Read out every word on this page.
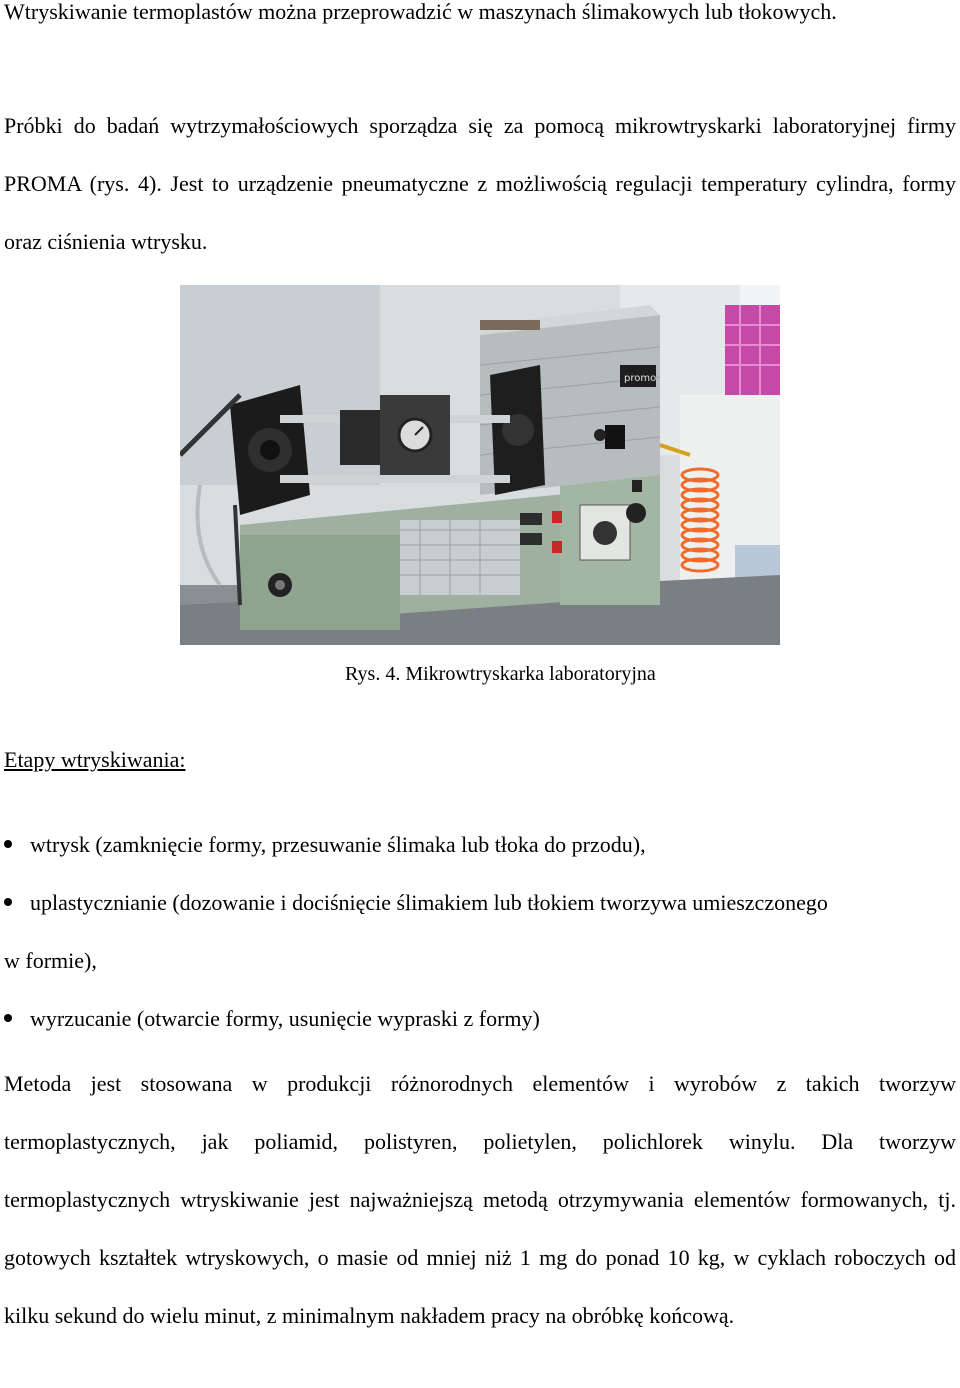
Wtryskiwanie termoplastów można przeprowadzić w maszynach ślimakowych lub tłokowych.

Próbki do badań wytrzymałościowych sporządza się za pomocą mikrowtryskarki laboratoryjnej firmy PROMA (rys. 4). Jest to urządzenie pneumatyczne z możliwością regulacji temperatury cylindra, formy oraz ciśnienia wtrysku.

promo
Rys. 4. Mikrowtryskarka laboratoryjna
Etapy wtryskiwania:
wtrysk (zamknięcie formy, przesuwanie ślimaka lub tłoka do przodu),
uplastycznianie (dozowanie i dociśnięcie ślimakiem lub tłokiem tworzywa umieszczonego
w formie),
wyrzucanie (otwarcie formy, usunięcie wypraski z formy)

Metoda jest stosowana w produkcji różnorodnych elementów i wyrobów z takich tworzyw termoplastycznych, jak poliamid, polistyren, polietylen, polichlorek winylu. Dla tworzyw termoplastycznych wtryskiwanie jest najważniejszą metodą otrzymywania elementów formowanych, tj. gotowych kształtek wtryskowych, o masie od mniej niż 1 mg do ponad 10 kg, w cyklach roboczych od kilku sekund do wielu minut, z minimalnym nakładem pracy na obróbkę końcową.
